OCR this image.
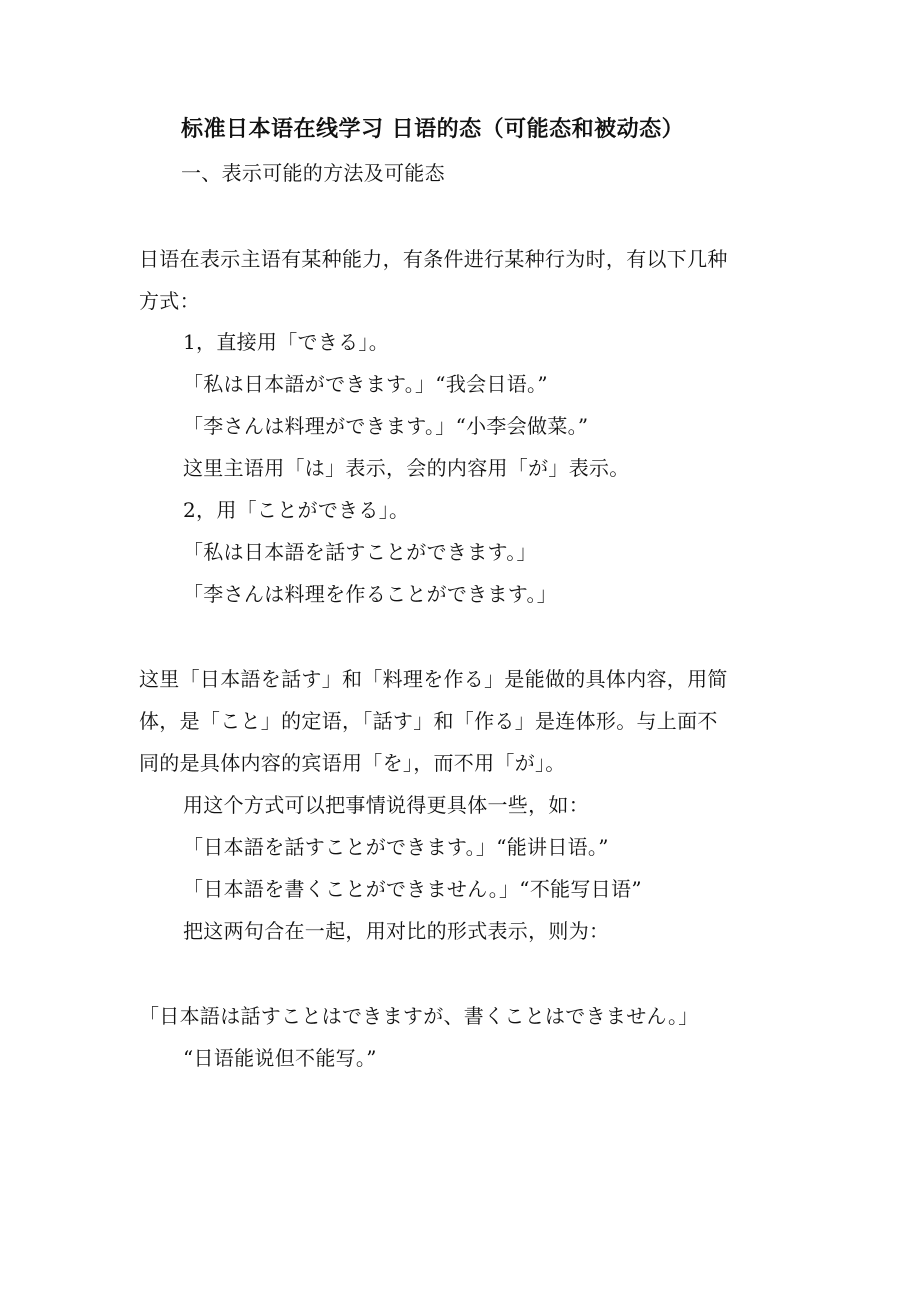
标准日本语在线学习 日语的态（可能态和被动态）
一、表示可能的方法及可能态
日语在表示主语有某种能力，有条件进行某种行为时，有以下几种
方式：
1，直接用「できる」。
「私は日本語ができます。」“我会日语。”
「李さんは料理ができます。」“小李会做菜。”
这里主语用「は」表示，会的内容用「が」表示。
2，用「ことができる」。
「私は日本語を話すことができます。」
「李さんは料理を作ることができます。」
这里「日本語を話す」和「料理を作る」是能做的具体内容，用简
体，是「こと」的定语，「話す」和「作る」是连体形。与上面不
同的是具体内容的宾语用「を」，而不用「が」。
用这个方式可以把事情说得更具体一些，如：
「日本語を話すことができます。」“能讲日语。”
「日本語を書くことができません。」“不能写日语”
把这两句合在一起，用对比的形式表示，则为：
「日本語は話すことはできますが、書くことはできません。」
“日语能说但不能写。”
